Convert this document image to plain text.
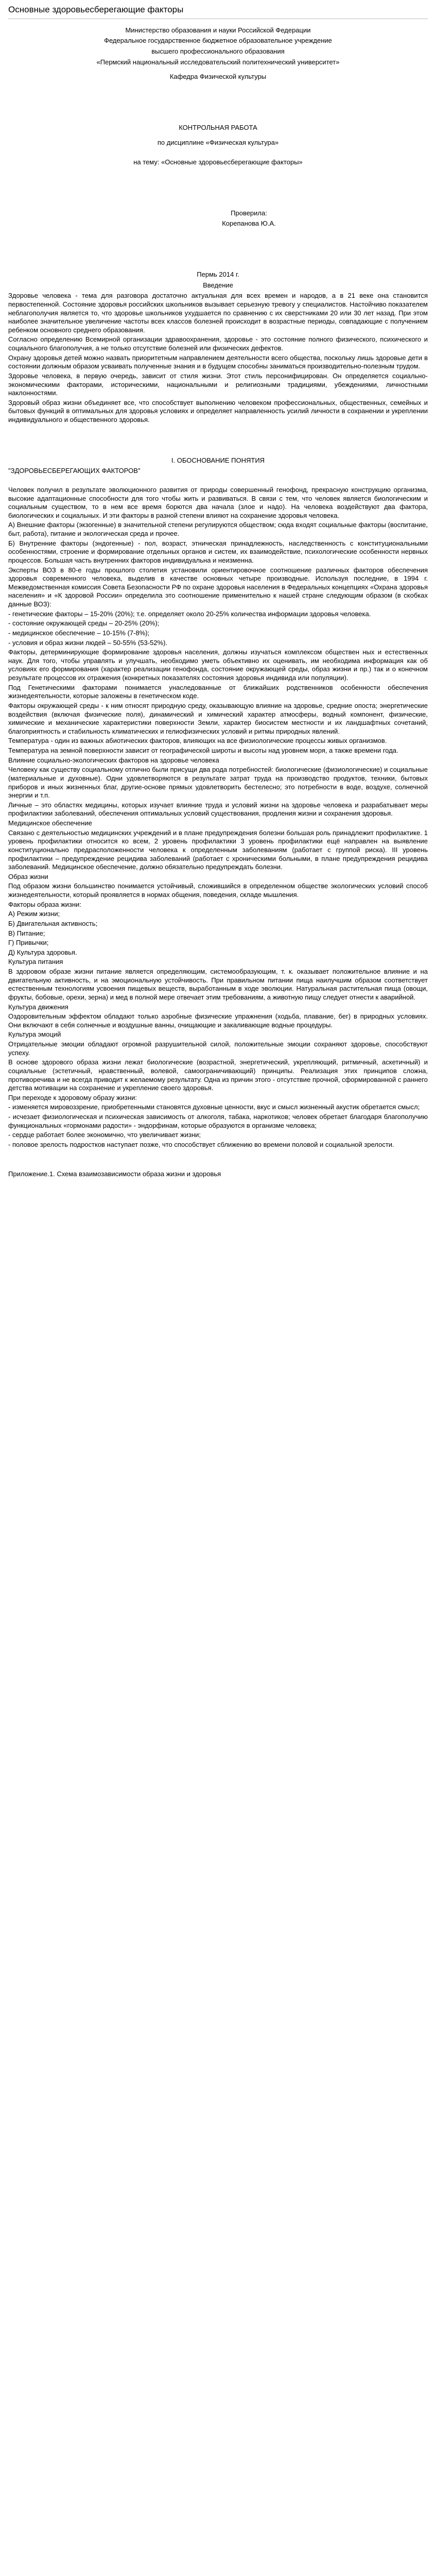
Основные здоровьесберегающие факторы
Министерство образования и науки Российской Федерации
Федеральное государственное бюджетное образовательное учреждение
высшего профессионального образования
«Пермский национальный исследовательский политехнический университет»
Кафедра Физической культуры
КОНТРОЛЬНАЯ РАБОТА
по дисциплине «Физическая культура»
на тему: «Основные здоровьесберегающие факторы»
Проверила:
Корепанова Ю.А.
Пермь 2014 г.
Введение
Здоровье человека - тема для разговора достаточно актуальная для всех времен и народов, а в 21 веке она становится первостепенной. Состояние здоровья российских школьников вызывает серьезную тревогу у специалистов. Настойчиво показателем неблагополучия является то, что здоровье школьников ухудшается по сравнению с их сверстниками 20 или 30 лет назад. При этом наиболее значительное увеличение частоты всех классов болезней происходит в возрастные периоды, совпадающие с получением ребенком основного среднего образования.
Согласно определению Всемирной организации здравоохранения, здоровье - это состояние полного физического, психического и социального благополучия, а не только отсутствие болезней или физических дефектов.
Охрану здоровья детей можно назвать приоритетным направлением деятельности всего общества, поскольку лишь здоровые дети в состоянии должным образом усваивать полученные знания и в будущем способны заниматься производительно-полезным трудом.
Здоровье человека, в первую очередь, зависит от стиля жизни. Этот стиль персонифицирован. Он определяется социально-экономическими факторами, историческими, национальными и религиозными традициями, убеждениями, личностными наклонностями.
Здоровый образ жизни объединяет все, что способствует выполнению человеком профессиональных, общественных, семейных и бытовых функций в оптимальных для здоровья условиях и определяет направленность усилий личности в сохранении и укреплении индивидуального и общественного здоровья.
I. ОБОСНОВАНИЕ ПОНЯТИЯ
"ЗДОРОВЬЕСБЕРЕГАЮЩИХ ФАКТОРОВ"
Человек получил в результате эволюционного развития от природы совершенный генофонд, прекрасную конструкцию организма, высокие адаптационные способности для того чтобы жить и развиваться. В связи с тем, что человек является биологическим и социальным существом, то в нем все время борются два начала (злое и надо). На человека воздействуют два фактора, биологических и социальных. И эти факторы в разной степени влияют на сохранение здоровья человека.
А) Внешние факторы (экзогенные) в значительной степени регулируются обществом; сюда входят социальные факторы (воспитание, быт, работа), питание и экологическая среда и прочее.
Б) Внутренние факторы (эндогенные) - пол, возраст, этническая принадлежность, наследственность с конституциональными особенностями, строение и формирование отдельных органов и систем, их взаимодействие, психологические особенности нервных процессов. Большая часть внутренних факторов индивидуальна и неизменна.
Эксперты ВОЗ в 80-е годы прошлого столетия установили ориентировочное соотношение различных факторов обеспечения здоровья современного человека, выделив в качестве основных четыре производные. Используя последние, в 1994 г. Межведомственная комиссия Совета Безопасности РФ по охране здоровья населения в Федеральных концепциях «Охрана здоровья населения» и «К здоровой России» определила это соотношение применительно к нашей стране следующим образом (в скобках данные ВОЗ):
- генетические факторы – 15-20% (20%); т.е. определяет около 20-25% количества информации здоровья человека.
- состояние окружающей среды – 20-25% (20%);
- медицинское обеспечение – 10-15% (7-8%);
- условия и образ жизни людей – 50-55% (53-52%).
Факторы, детерминирующие формирование здоровья населения, должны изучаться комплексом обществен ных и естественных наук. Для того, чтобы управлять и улучшать, необходимо уметь объективно их оценивать, им необходима информация как об условиях его формирования (характер реализации генофонда, состояние окружающей среды, образ жизни и пр.) так и о конечном результате процессов их отражения (конкретных показателях состояния здоровья индивида или популяции).
Под Генетическими факторами понимается унаследованные от ближайших родственников особенности обеспечения жизнедеятельности, которые заложены в генетическом коде.
Факторы окружающей среды - к ним относят природную среду, оказывающую влияние на здоровье, средние опоста; энергетические воздействия (включая физические поля), динамический и химический характер атмосферы, водный компонент, физические, химические и механические характеристики поверхности Земли, характер биосистем местности и их ландшафтных сочетаний, благоприятность и стабильность климатических и гелиофизических условий и ритмы природных явлений.
Температура - один из важных абиотических факторов, влияющих на все физиологические процессы живых организмов.
Температура на земной поверхности зависит от географической широты и высоты над уровнем моря, а также времени года.
Влияние социально-экологических факторов на здоровье человека
Человеку как существу социальному отлично были присущи два рода потребностей: биологические (физиологические) и социальные (материальные и духовные). Одни удовлетворяются в результате затрат труда на производство продуктов, техники, бытовых приборов и иных жизненных благ, другие-основе прямых удовлетворить бестелесно; это потребности в воде, воздухе, солнечной энергии и т.п.
Личные – это областях медицины, которых изучает влияние труда и условий жизни на здоровье человека и разрабатывает меры профилактики заболеваний, обеспечения оптимальных условий существования, продления жизни и сохранения здоровья.
Медицинское обеспечение
Связано с деятельностью медицинских учреждений и в плане предупреждения болезни большая роль принадлежит профилактике. 1 уровень профилактики относится ко всем, 2 уровень профилактики 3 уровень профилактики ещё направлен на выявление конституционально предрасположенности человека к определенным заболеваниям (работает с группой риска). III уровень профилактики – предупреждение рецидива заболеваний (работает с хроническими больными, в плане предупреждения рецидива заболеваний. Медицинское обеспечение, должно обязательно предупреждать болезни.
Образ жизни
Под образом жизни большинство понимается устойчивый, сложившийся в определенном обществе экологических условий способ жизнедеятельности, который проявляется в нормах общения, поведения, складе мышления.
Факторы образа жизни:
А) Режим жизни;
Б) Двигательная активность;
В) Питание;
Г) Привычки;
Д) Культура здоровья.
Культура питания
В здоровом образе жизни питание является определяющим, системообразующим, т. к. оказывает положительное влияние и на двигательную активность, и на эмоциональную устойчивость. При правильном питании пища наилучшим образом соответствует естественным технологиям усвоения пищевых веществ, выработанным в ходе эволюции. Натуральная растительная пища (овощи, фрукты, бобовые, орехи, зерна) и мед в полной мере отвечает этим требованиям, а животную пищу следует отнести к аварийной.
Культура движения
Оздоровительным эффектом обладают только аэробные физические упражнения (ходьба, плавание, бег) в природных условиях. Они включают в себя солнечные и воздушные ванны, очищающие и закаливающие водные процедуры.
Культура эмоций
Отрицательные эмоции обладают огромной разрушительной силой, положительные эмоции сохраняют здоровье, способствуют успеху.
В основе здорового образа жизни лежат биологические (возрастной, энергетический, укрепляющий, ритмичный, аскетичный) и социальные (эстетичный, нравственный, волевой, самоограничивающий) принципы. Реализация этих принципов сложна, противоречива и не всегда приводит к желаемому результату. Одна из причин этого - отсутствие прочной, сформированной с раннего детства мотивации на сохранение и укрепление своего здоровья.
При переходе к здоровому образу жизни:
- изменяется мировоззрение, приобретенными становятся духовные ценности, вкус и смысл жизненный акустик обретается смысл;
- исчезает физиологическая и психическая зависимость от алкоголя, табака, наркотиков; человек обретает благодаря благополучию функциональных «гормонами радости» - эндорфинам, которые образуются в организме человека;
- сердце работает более экономично, что увеличивает жизни;
- половое зрелость подростков наступает позже, что способствует сближению во времени половой и социальной зрелости.
Приложение.1. Схема взаимозависимости образа жизни и здоровья
